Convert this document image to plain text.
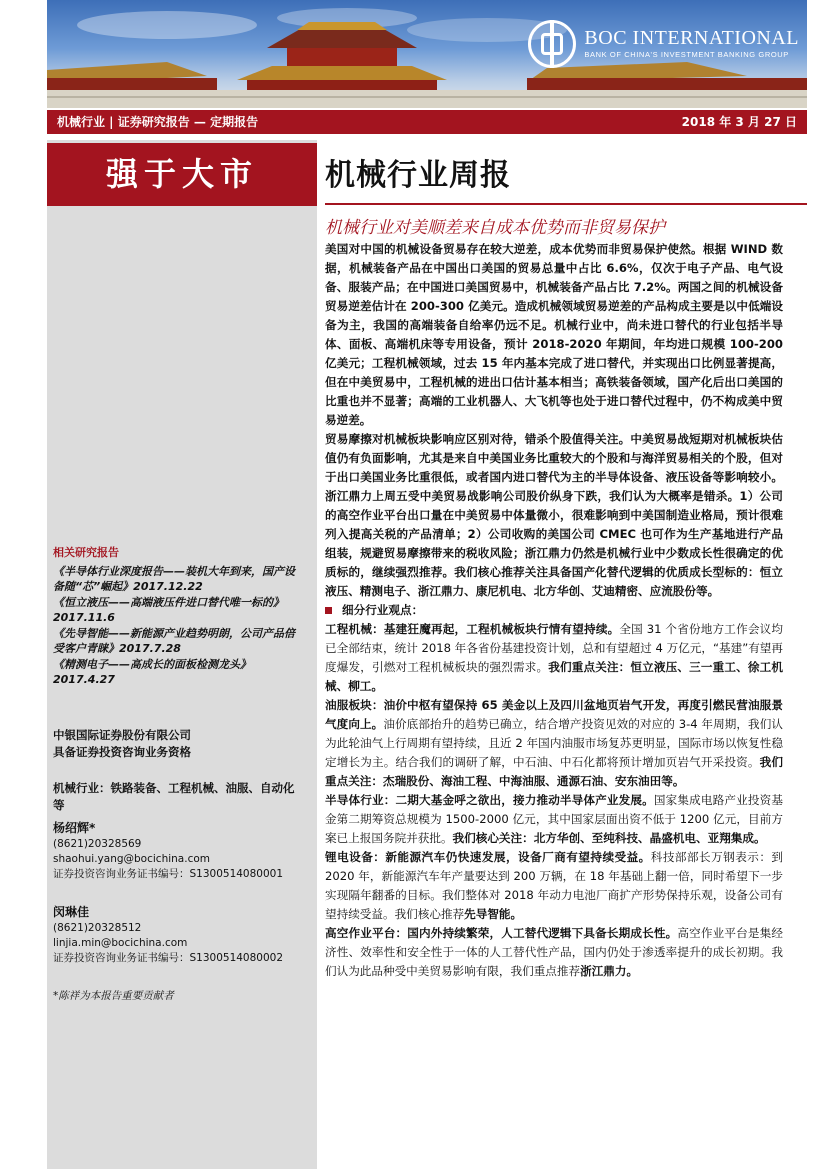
BOC INTERNATIONAL
BANK OF CHINA'S INVESTMENT BANKING GROUP
机械行业 | 证券研究报告 — 定期报告	2018 年 3 月 27 日
强于大市
相关研究报告
《半导体行业深度报告——装机大年到来，国产设备随“芯”崛起》2017.12.22
《恒立液压——高端液压件进口替代唯一标的》2017.11.6
《先导智能——新能源产业趋势明朗，公司产品倍受客户青睐》2017.7.28
《精测电子——高成长的面板检测龙头》2017.4.27
中银国际证券股份有限公司
具备证券投资咨询业务资格
机械行业：铁路装备、工程机械、油服、自动化等
杨绍辉*
(8621)20328569
shaohui.yang@bocichina.com
证券投资咨询业务证书编号：S1300514080001
闵琳佳
(8621)20328512
linjia.min@bocichina.com
证券投资咨询业务证书编号：S1300514080002
*陈祥为本报告重要贡献者
机械行业周报
机械行业对美顺差来自成本优势而非贸易保护

美国对中国的机械设备贸易存在较大逆差，成本优势而非贸易保护使然。根据 WIND 数据，机械装备产品在中国出口美国的贸易总量中占比 6.6%，仅次于电子产品、电气设备、服装产品；在中国进口美国贸易中，机械装备产品占比 7.2%。两国之间的机械设备贸易逆差估计在 200-300 亿美元。造成机械领域贸易逆差的产品构成主要是以中低端设备为主，我国的高端装备自给率仍远不足。机械行业中，尚未进口替代的行业包括半导体、面板、高端机床等专用设备，预计 2018-2020 年期间，年均进口规模 100-200 亿美元；工程机械领域，过去 15 年内基本完成了进口替代，并实现出口比例显著提高，但在中美贸易中，工程机械的进出口估计基本相当；高铁装备领域，国产化后出口美国的比重也并不显著；高端的工业机器人、大飞机等也处于进口替代过程中，仍不构成美中贸易逆差。

贸易摩擦对机械板块影响应区别对待，错杀个股值得关注。中美贸易战短期对机械板块估值仍有负面影响，尤其是来自中美国业务比重较大的个股和与海洋贸易相关的个股，但对于出口美国业务比重很低，或者国内进口替代为主的半导体设备、液压设备等影响较小。浙江鼎力上周五受中美贸易战影响公司股价纵身下跌，我们认为大概率是错杀。1）公司的高空作业平台出口量在中美贸易中体量微小，很难影响到中美国制造业格局，预计很难列入提高关税的产品清单；2）公司收购的美国公司 CMEC 也可作为生产基地进行产品组装，规避贸易摩擦带来的税收风险；浙江鼎力仍然是机械行业中少数成长性很确定的优质标的，继续强烈推荐。我们核心推荐关注具备国产化替代逻辑的优质成长型标的：恒立液压、精测电子、浙江鼎力、康尼机电、北方华创、艾迪精密、应流股份等。

细分行业观点：

工程机械：基建狂魔再起，工程机械板块行情有望持续。全国 31 个省份地方工作会议均已全部结束，统计 2018 年各省份基建投资计划，总和有望超过 4 万亿元，“基建”有望再度爆发，引燃对工程机械板块的强烈需求。我们重点关注：恒立液压、三一重工、徐工机械、柳工。

油服板块：油价中枢有望保持 65 美金以上及四川盆地页岩气开发，再度引燃民营油服景气度向上。油价底部抬升的趋势已确立，结合增产投资见效的对应的 3-4 年周期，我们认为此轮油气上行周期有望持续，且近 2 年国内油服市场复苏更明显，国际市场以恢复性稳定增长为主。结合我们的调研了解，中石油、中石化都将预计增加页岩气开采投资。我们重点关注：杰瑞股份、海油工程、中海油服、通源石油、安东油田等。

半导体行业：二期大基金呼之欲出，接力推动半导体产业发展。国家集成电路产业投资基金第二期筹资总规模为 1500-2000 亿元，其中国家层面出资不低于 1200 亿元，目前方案已上报国务院并获批。我们核心关注：北方华创、至纯科技、晶盛机电、亚翔集成。

锂电设备：新能源汽车仍快速发展，设备厂商有望持续受益。科技部部长万钢表示：到 2020 年，新能源汽车年产量要达到 200 万辆，在 18 年基础上翻一倍，同时希望下一步实现隔年翻番的目标。我们整体对 2018 年动力电池厂商扩产形势保持乐观，设备公司有望持续受益。我们核心推荐先导智能。

高空作业平台：国内外持续繁荣，人工替代逻辑下具备长期成长性。高空作业平台是集经济性、效率性和安全性于一体的人工替代性产品，国内仍处于渗透率提升的成长初期。我们认为此品种受中美贸易影响有限，我们重点推荐浙江鼎力。
